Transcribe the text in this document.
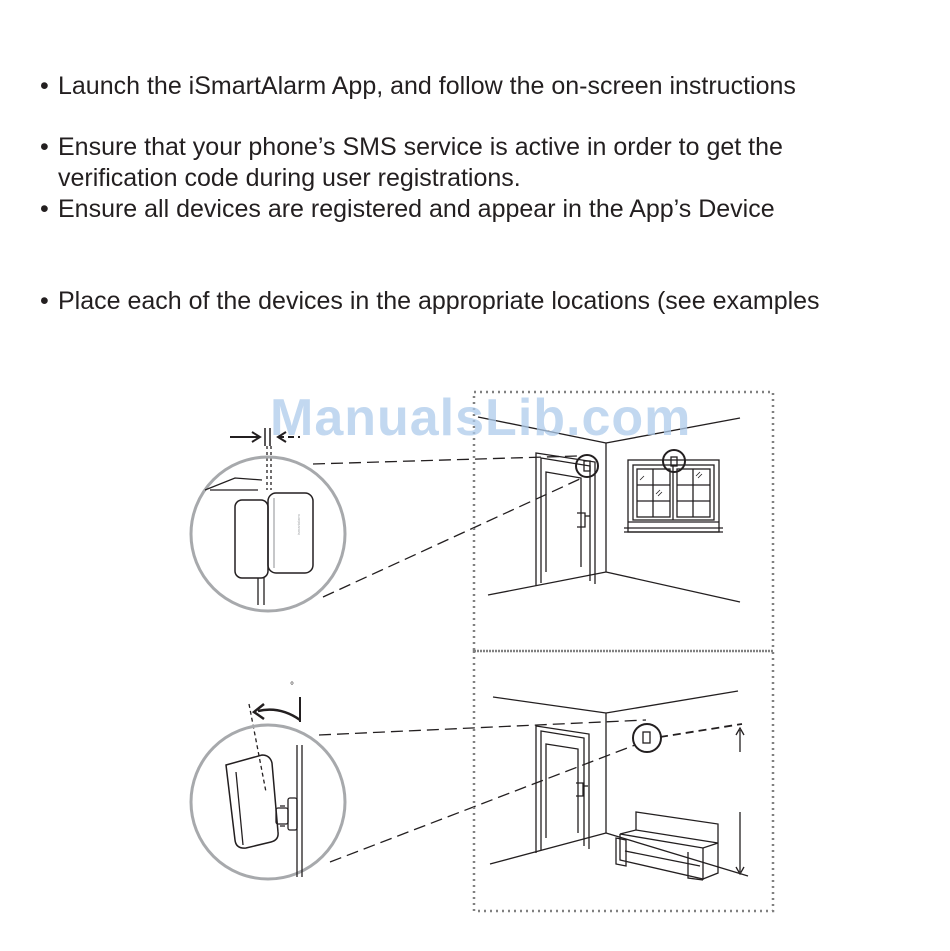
• Launch the iSmartAlarm App, and follow the on-screen instructions
• Ensure that your phone’s SMS service is active in order to get the
verification code during user registrations.
• Ensure all devices are registered and appear in the App’s Device
• Place each of the devices in the appropriate locations (see examples
ismartalarm
°
ManualsLib.com
